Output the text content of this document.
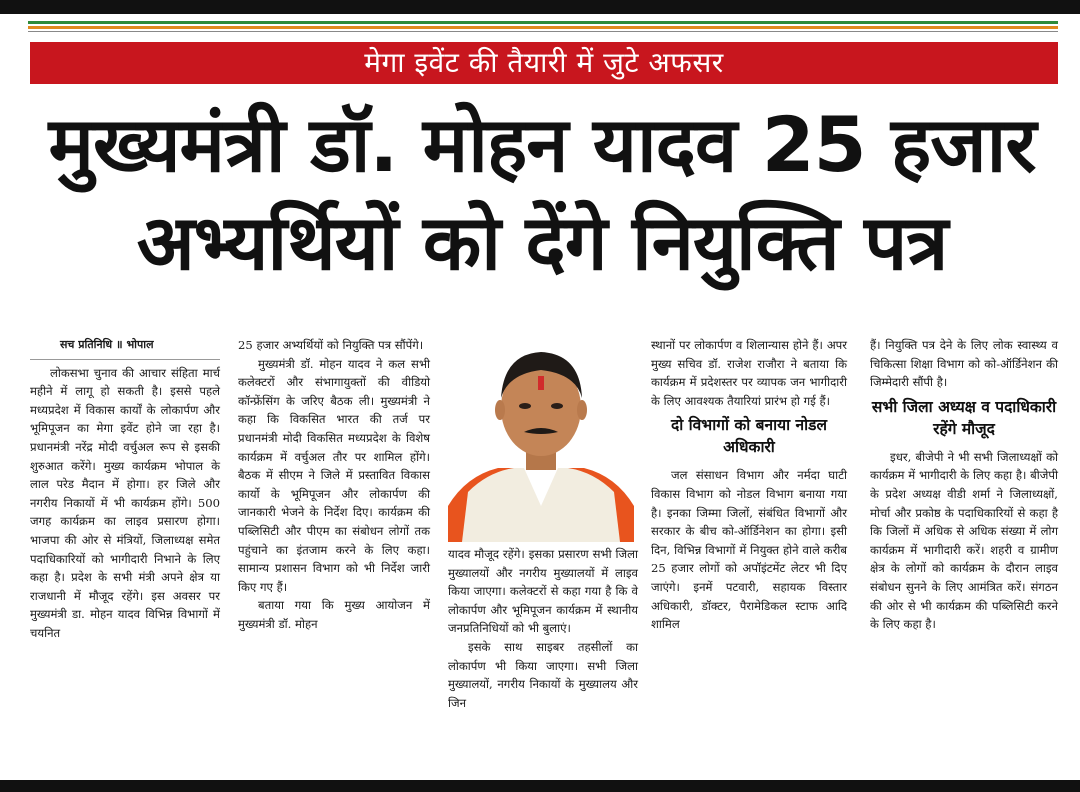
मेगा इवेंट की तैयारी में जुटे अफसर
मुख्यमंत्री डॉ. मोहन यादव 25 हजार
अभ्यर्थियों को देंगे नियुक्ति पत्र

सच प्रतिनिधि ॥ भोपाल

लोकसभा चुनाव की आचार संहिता मार्च महीने में लागू हो सकती है। इससे पहले मध्यप्रदेश में विकास कार्यों के लोकार्पण और भूमिपूजन का मेगा इवेंट होने जा रहा है। प्रधानमंत्री नरेंद्र मोदी वर्चुअल रूप से इसकी शुरुआत करेंगे। मुख्य कार्यक्रम भोपाल के लाल परेड मैदान में होगा। हर जिले और नगरीय निकायों में भी कार्यक्रम होंगे। 500 जगह कार्यक्रम का लाइव प्रसारण होगा। भाजपा की ओर से मंत्रियों, जिलाध्यक्ष समेत पदाधिकारियों को भागीदारी निभाने के लिए कहा है। प्रदेश के सभी मंत्री अपने क्षेत्र या राजधानी में मौजूद रहेंगे। इस अवसर पर मुख्यमंत्री डा. मोहन यादव विभिन्न विभागों में चयनित

25 हजार अभ्यर्थियों को नियुक्ति पत्र सौंपेंगे।

मुख्यमंत्री डॉ. मोहन यादव ने कल सभी कलेक्टरों और संभागायुक्तों की वीडियो कॉन्फ्रेंसिंग के जरिए बैठक ली। मुख्यमंत्री ने कहा कि विकसित भारत की तर्ज पर प्रधानमंत्री मोदी विकसित मध्यप्रदेश के विशेष कार्यक्रम में वर्चुअल तौर पर शामिल होंगे। बैठक में सीएम ने जिले में प्रस्तावित विकास कार्यो के भूमिपूजन और लोकार्पण की जानकारी भेजने के निर्देश दिए। कार्यक्रम की पब्लिसिटी और पीएम का संबोधन लोगों तक पहुंचाने का इंतजाम करने के लिए कहा। सामान्य प्रशासन विभाग को भी निर्देश जारी किए गए हैं।

बताया गया कि मुख्य आयोजन में मुख्यमंत्री डॉ. मोहन

यादव मौजूद रहेंगे। इसका प्रसारण सभी जिला मुख्यालयों और नगरीय मुख्यालयों में लाइव किया जाएगा। कलेक्टरों से कहा गया है कि वे लोकार्पण और भूमिपूजन कार्यक्रम में स्थानीय जनप्रतिनिधियों को भी बुलाएं।

इसके साथ साइबर तहसीलों का लोकार्पण भी किया जाएगा। सभी जिला मुख्यालयों, नगरीय निकायों के मुख्यालय और जिन

स्थानों पर लोकार्पण व शिलान्यास होने हैं। अपर मुख्य सचिव डॉ. राजेश राजौरा ने बताया कि कार्यक्रम में प्रदेशस्तर पर व्यापक जन भागीदारी के लिए आवश्यक तैयारियां प्रारंभ हो गई हैं।

दो विभागों को बनाया नोडल अधिकारी

जल संसाधन विभाग और नर्मदा घाटी विकास विभाग को नोडल विभाग बनाया गया है। इनका जिम्मा जिलों, संबंधित विभागों और सरकार के बीच को-ऑर्डिनेशन का होगा। इसी दिन, विभिन्न विभागों में नियुक्त होने वाले करीब 25 हजार लोगों को अपॉइंटमेंट लेटर भी दिए जाएंगे। इनमें पटवारी, सहायक विस्तार अधिकारी, डॉक्टर, पैरामेडिकल स्टाफ आदि शामिल

हैं। नियुक्ति पत्र देने के लिए लोक स्वास्थ्य व चिकित्सा शिक्षा विभाग को को-ऑर्डिनेशन की जिम्मेदारी सौंपी है।

सभी जिला अध्यक्ष व पदाधिकारी रहेंगे मौजूद

इधर, बीजेपी ने भी सभी जिलाध्यक्षों को कार्यक्रम में भागीदारी के लिए कहा है। बीजेपी के प्रदेश अध्यक्ष वीडी शर्मा ने जिलाध्यक्षों, मोर्चा और प्रकोष्ठ के पदाधिकारियों से कहा है कि जिलों में अधिक से अधिक संख्या में लोग कार्यक्रम में भागीदारी करें। शहरी व ग्रामीण क्षेत्र के लोगों को कार्यक्रम के दौरान लाइव संबोधन सुनने के लिए आमंत्रित करें। संगठन की ओर से भी कार्यक्रम की पब्लिसिटी करने के लिए कहा है।
